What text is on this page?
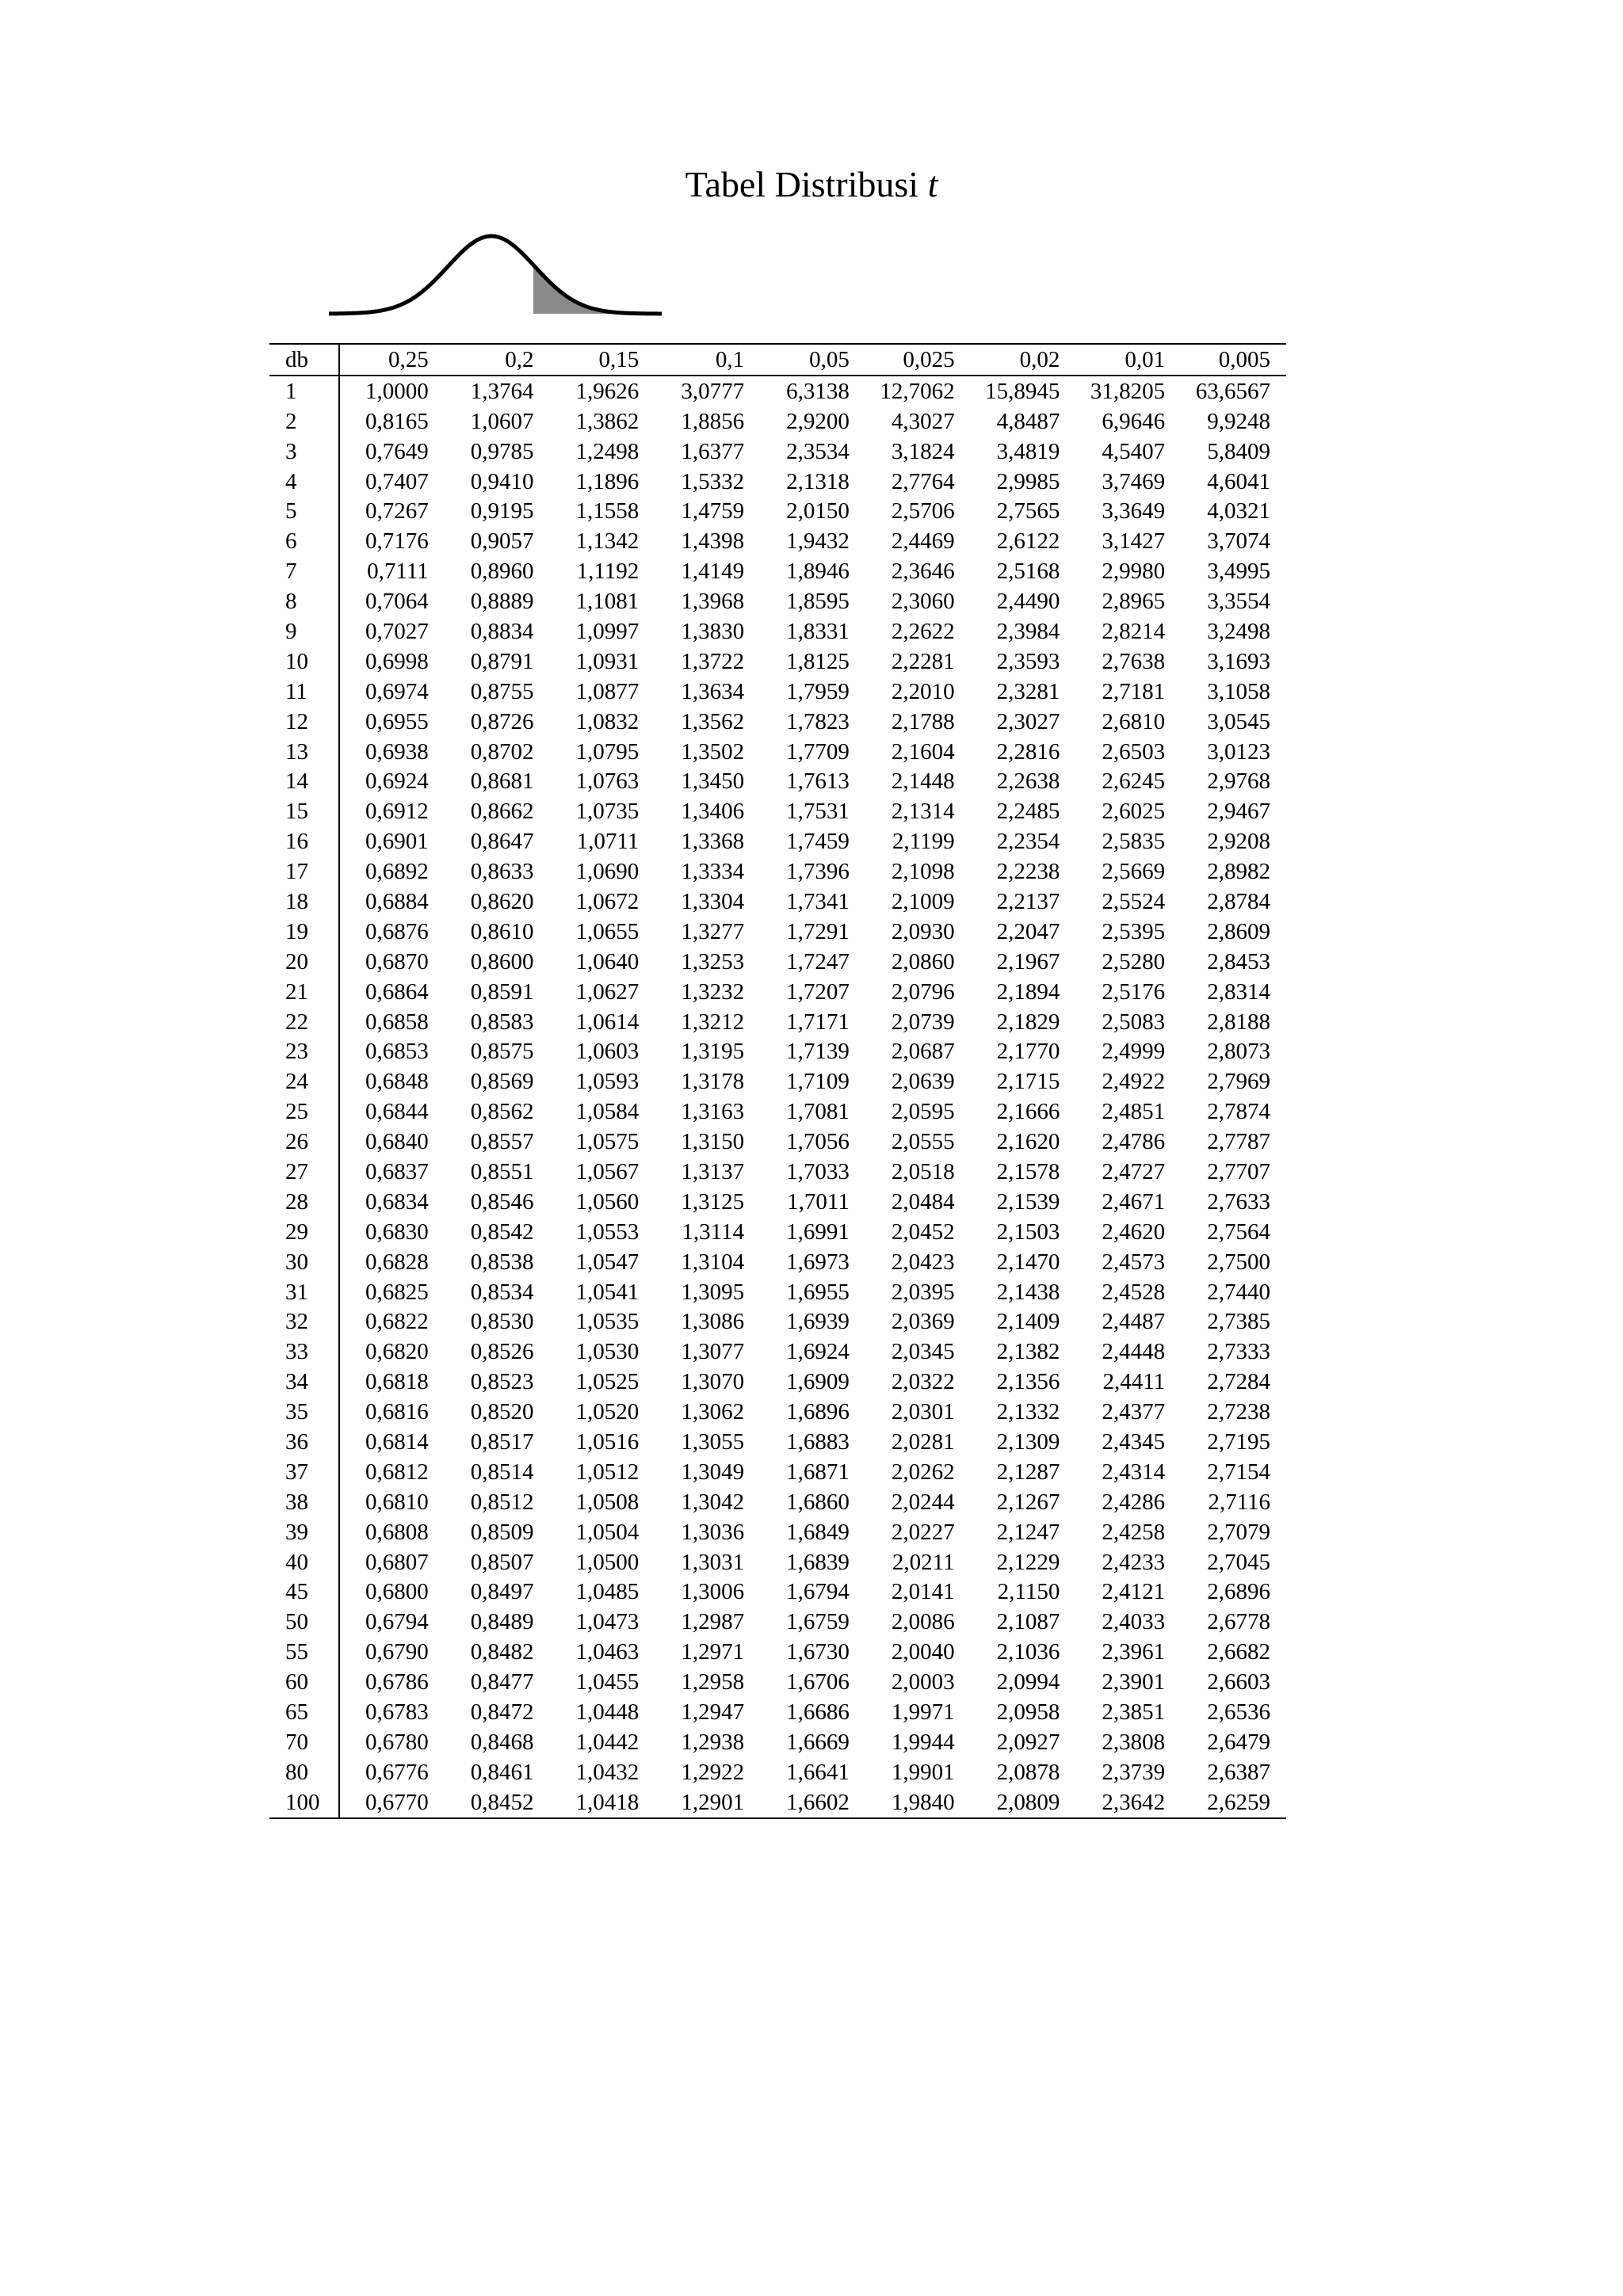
Tabel Distribusi t
db	0,25	0,2	0,15	0,1	0,05	0,025	0,02	0,01	0,005
1	1,0000	1,3764	1,9626	3,0777	6,3138	12,7062	15,8945	31,8205	63,6567
2	0,8165	1,0607	1,3862	1,8856	2,9200	4,3027	4,8487	6,9646	9,9248
3	0,7649	0,9785	1,2498	1,6377	2,3534	3,1824	3,4819	4,5407	5,8409
4	0,7407	0,9410	1,1896	1,5332	2,1318	2,7764	2,9985	3,7469	4,6041
5	0,7267	0,9195	1,1558	1,4759	2,0150	2,5706	2,7565	3,3649	4,0321
6	0,7176	0,9057	1,1342	1,4398	1,9432	2,4469	2,6122	3,1427	3,7074
7	0,7111	0,8960	1,1192	1,4149	1,8946	2,3646	2,5168	2,9980	3,4995
8	0,7064	0,8889	1,1081	1,3968	1,8595	2,3060	2,4490	2,8965	3,3554
9	0,7027	0,8834	1,0997	1,3830	1,8331	2,2622	2,3984	2,8214	3,2498
10	0,6998	0,8791	1,0931	1,3722	1,8125	2,2281	2,3593	2,7638	3,1693
11	0,6974	0,8755	1,0877	1,3634	1,7959	2,2010	2,3281	2,7181	3,1058
12	0,6955	0,8726	1,0832	1,3562	1,7823	2,1788	2,3027	2,6810	3,0545
13	0,6938	0,8702	1,0795	1,3502	1,7709	2,1604	2,2816	2,6503	3,0123
14	0,6924	0,8681	1,0763	1,3450	1,7613	2,1448	2,2638	2,6245	2,9768
15	0,6912	0,8662	1,0735	1,3406	1,7531	2,1314	2,2485	2,6025	2,9467
16	0,6901	0,8647	1,0711	1,3368	1,7459	2,1199	2,2354	2,5835	2,9208
17	0,6892	0,8633	1,0690	1,3334	1,7396	2,1098	2,2238	2,5669	2,8982
18	0,6884	0,8620	1,0672	1,3304	1,7341	2,1009	2,2137	2,5524	2,8784
19	0,6876	0,8610	1,0655	1,3277	1,7291	2,0930	2,2047	2,5395	2,8609
20	0,6870	0,8600	1,0640	1,3253	1,7247	2,0860	2,1967	2,5280	2,8453
21	0,6864	0,8591	1,0627	1,3232	1,7207	2,0796	2,1894	2,5176	2,8314
22	0,6858	0,8583	1,0614	1,3212	1,7171	2,0739	2,1829	2,5083	2,8188
23	0,6853	0,8575	1,0603	1,3195	1,7139	2,0687	2,1770	2,4999	2,8073
24	0,6848	0,8569	1,0593	1,3178	1,7109	2,0639	2,1715	2,4922	2,7969
25	0,6844	0,8562	1,0584	1,3163	1,7081	2,0595	2,1666	2,4851	2,7874
26	0,6840	0,8557	1,0575	1,3150	1,7056	2,0555	2,1620	2,4786	2,7787
27	0,6837	0,8551	1,0567	1,3137	1,7033	2,0518	2,1578	2,4727	2,7707
28	0,6834	0,8546	1,0560	1,3125	1,7011	2,0484	2,1539	2,4671	2,7633
29	0,6830	0,8542	1,0553	1,3114	1,6991	2,0452	2,1503	2,4620	2,7564
30	0,6828	0,8538	1,0547	1,3104	1,6973	2,0423	2,1470	2,4573	2,7500
31	0,6825	0,8534	1,0541	1,3095	1,6955	2,0395	2,1438	2,4528	2,7440
32	0,6822	0,8530	1,0535	1,3086	1,6939	2,0369	2,1409	2,4487	2,7385
33	0,6820	0,8526	1,0530	1,3077	1,6924	2,0345	2,1382	2,4448	2,7333
34	0,6818	0,8523	1,0525	1,3070	1,6909	2,0322	2,1356	2,4411	2,7284
35	0,6816	0,8520	1,0520	1,3062	1,6896	2,0301	2,1332	2,4377	2,7238
36	0,6814	0,8517	1,0516	1,3055	1,6883	2,0281	2,1309	2,4345	2,7195
37	0,6812	0,8514	1,0512	1,3049	1,6871	2,0262	2,1287	2,4314	2,7154
38	0,6810	0,8512	1,0508	1,3042	1,6860	2,0244	2,1267	2,4286	2,7116
39	0,6808	0,8509	1,0504	1,3036	1,6849	2,0227	2,1247	2,4258	2,7079
40	0,6807	0,8507	1,0500	1,3031	1,6839	2,0211	2,1229	2,4233	2,7045
45	0,6800	0,8497	1,0485	1,3006	1,6794	2,0141	2,1150	2,4121	2,6896
50	0,6794	0,8489	1,0473	1,2987	1,6759	2,0086	2,1087	2,4033	2,6778
55	0,6790	0,8482	1,0463	1,2971	1,6730	2,0040	2,1036	2,3961	2,6682
60	0,6786	0,8477	1,0455	1,2958	1,6706	2,0003	2,0994	2,3901	2,6603
65	0,6783	0,8472	1,0448	1,2947	1,6686	1,9971	2,0958	2,3851	2,6536
70	0,6780	0,8468	1,0442	1,2938	1,6669	1,9944	2,0927	2,3808	2,6479
80	0,6776	0,8461	1,0432	1,2922	1,6641	1,9901	2,0878	2,3739	2,6387
100	0,6770	0,8452	1,0418	1,2901	1,6602	1,9840	2,0809	2,3642	2,6259
